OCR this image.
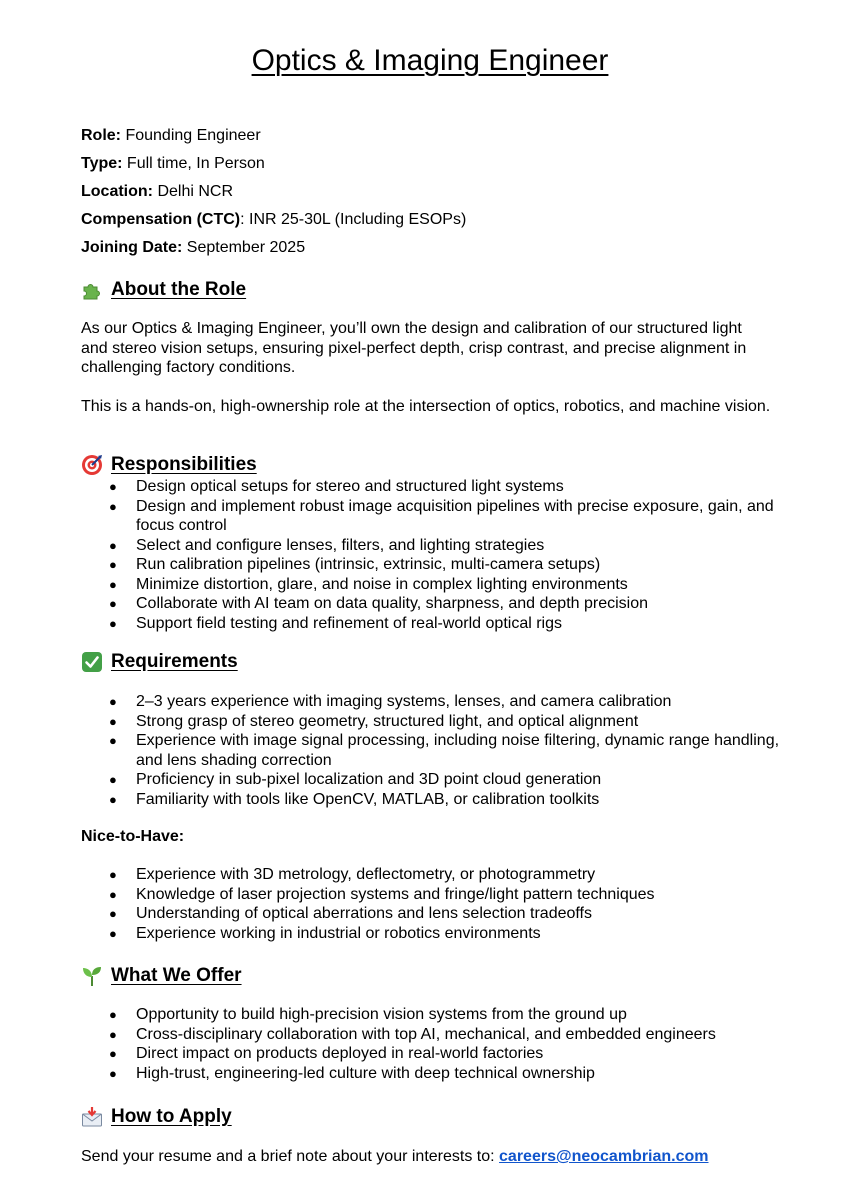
Optics & Imaging Engineer
Role: Founding Engineer
Type: Full time, In Person
Location: Delhi NCR
Compensation (CTC): INR 25-30L (Including ESOPs)
Joining Date: September 2025
About the Role
As our Optics & Imaging Engineer, you’ll own the design and calibration of our structured light and stereo vision setups, ensuring pixel-perfect depth, crisp contrast, and precise alignment in challenging factory conditions.
This is a hands-on, high-ownership role at the intersection of optics, robotics, and machine vision.
Responsibilities
● Design optical setups for stereo and structured light systems
● Design and implement robust image acquisition pipelines with precise exposure, gain, and focus control
● Select and configure lenses, filters, and lighting strategies
● Run calibration pipelines (intrinsic, extrinsic, multi-camera setups)
● Minimize distortion, glare, and noise in complex lighting environments
● Collaborate with AI team on data quality, sharpness, and depth precision
● Support field testing and refinement of real-world optical rigs
Requirements
● 2–3 years experience with imaging systems, lenses, and camera calibration
● Strong grasp of stereo geometry, structured light, and optical alignment
● Experience with image signal processing, including noise filtering, dynamic range handling, and lens shading correction
● Proficiency in sub-pixel localization and 3D point cloud generation
● Familiarity with tools like OpenCV, MATLAB, or calibration toolkits
Nice-to-Have:
● Experience with 3D metrology, deflectometry, or photogrammetry
● Knowledge of laser projection systems and fringe/light pattern techniques
● Understanding of optical aberrations and lens selection tradeoffs
● Experience working in industrial or robotics environments
What We Offer
● Opportunity to build high-precision vision systems from the ground up
● Cross-disciplinary collaboration with top AI, mechanical, and embedded engineers
● Direct impact on products deployed in real-world factories
● High-trust, engineering-led culture with deep technical ownership
How to Apply
Send your resume and a brief note about your interests to: careers@neocambrian.com
